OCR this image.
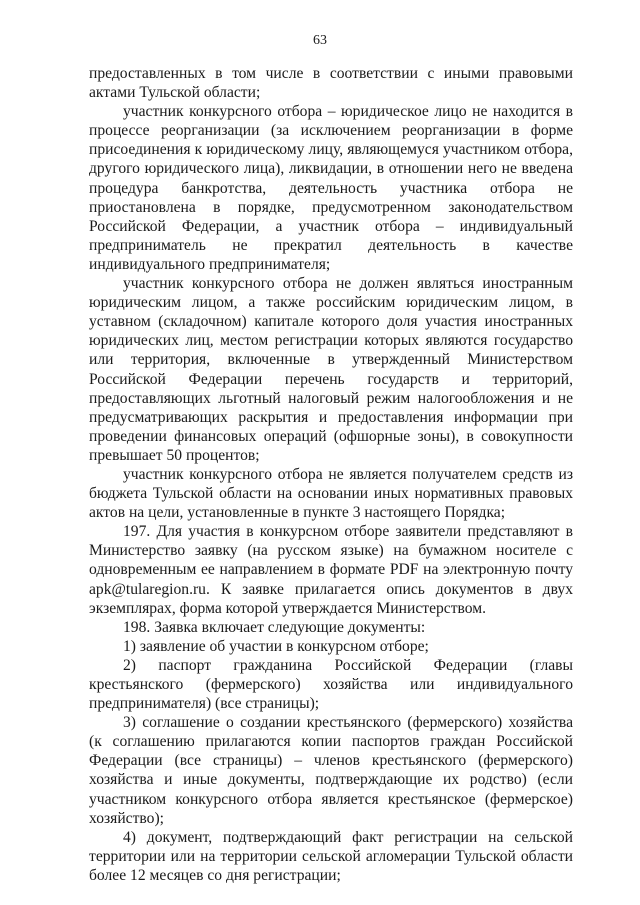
63

предоставленных в том числе в соответствии с иными правовыми актами Тульской области;

участник конкурсного отбора – юридическое лицо не находится в процессе реорганизации (за исключением реорганизации в форме присоединения к юридическому лицу, являющемуся участником отбора, другого юридического лица), ликвидации, в отношении него не введена процедура банкротства, деятельность участника отбора не приостановлена в порядке, предусмотренном законодательством Российской Федерации, а участник отбора – индивидуальный предприниматель не прекратил деятельность в качестве индивидуального предпринимателя;

участник конкурсного отбора не должен являться иностранным юридическим лицом, а также российским юридическим лицом, в уставном (складочном) капитале которого доля участия иностранных юридических лиц, местом регистрации которых являются государство или территория, включенные в утвержденный Министерством Российской Федерации перечень государств и территорий, предоставляющих льготный налоговый режим налогообложения и не предусматривающих раскрытия и предоставления информации при проведении финансовых операций (офшорные зоны), в совокупности превышает 50 процентов;

участник конкурсного отбора не является получателем средств из бюджета Тульской области на основании иных нормативных правовых актов на цели, установленные в пункте 3 настоящего Порядка;

197. Для участия в конкурсном отборе заявители представляют в Министерство заявку (на русском языке) на бумажном носителе с одновременным ее направлением в формате PDF на электронную почту apk@tularegion.ru. К заявке прилагается опись документов в двух экземплярах, форма которой утверждается Министерством.

198. Заявка включает следующие документы:

1) заявление об участии в конкурсном отборе;

2) паспорт гражданина Российской Федерации (главы крестьянского (фермерского) хозяйства или индивидуального предпринимателя) (все страницы);

3) соглашение о создании крестьянского (фермерского) хозяйства (к соглашению прилагаются копии паспортов граждан Российской Федерации (все страницы) – членов крестьянского (фермерского) хозяйства и иные документы, подтверждающие их родство) (если участником конкурсного отбора является крестьянское (фермерское) хозяйство);

4) документ, подтверждающий факт регистрации на сельской территории или на территории сельской агломерации Тульской области более 12 месяцев со дня регистрации;
